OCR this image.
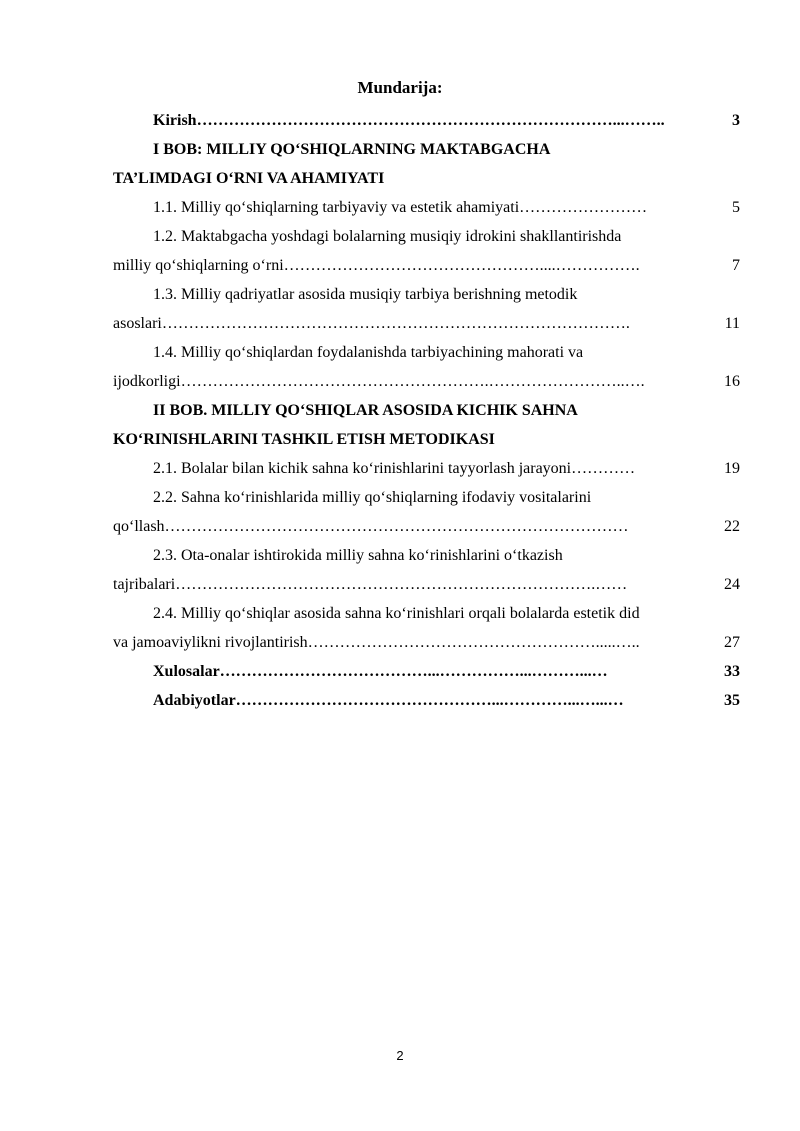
Mundarija:
Kirish ……………………………………………………………………...……..	3
I BOB: MILLIY QO‘SHIQLARNING MAKTABGACHA
TA’LIMDAGI O‘RNI VA AHAMIYATI
1.1. Milliy qo‘shiqlarning tarbiyaviy va estetik ahamiyati ……………………	5
1.2. Maktabgacha yoshdagi bolalarning musiqiy idrokini shakllantirishda
milliy qo‘shiqlarning o‘rni …………………………………………....…………….	7
1.3. Milliy qadriyatlar asosida musiqiy tarbiya berishning metodik
asoslari …………………………………………………………………………….	11
1.4. Milliy qo‘shiqlardan foydalanishda tarbiyachining mahorati va
ijodkorligi ………………………………………………….……………………..….	16
II BOB. MILLIY QO‘SHIQLAR ASOSIDA KICHIK SAHNA
KO‘RINISHLARINI TASHKIL ETISH METODIKASI
2.1. Bolalar bilan kichik sahna ko‘rinishlarini tayyorlash jarayoni …………	19
2.2. Sahna ko‘rinishlarida milliy qo‘shiqlarning ifodaviy vositalarini
qo‘llash ……………………………………………………………………………	22
2.3. Ota-onalar ishtirokida milliy sahna ko‘rinishlarini o‘tkazish
tajribalari …………………………………………………………………….……	24
2.4. Milliy qo‘shiqlar asosida sahna ko‘rinishlari orqali bolalarda estetik did
va jamoaviylikni rivojlantirish ……………………………………………….....…..	27
Xulosalar …………………………………...……………...………...…	33
Adabiyotlar …………………………………………...…………...…...…	35
2
